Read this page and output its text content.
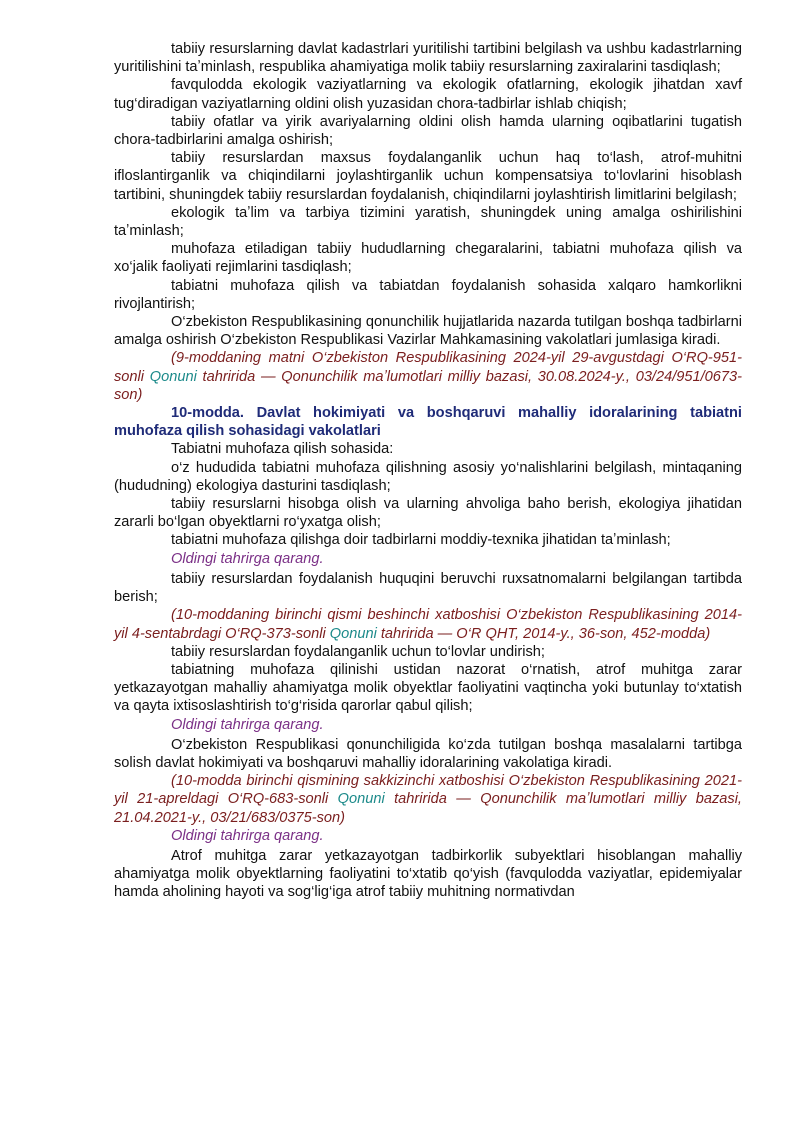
tabiiy resurslarning davlat kadastrlari yuritilishi tartibini belgilash va ushbu kadastrlarning yuritilishini taʼminlash, respublika ahamiyatiga molik tabiiy resurslarning zaxiralarini tasdiqlash;

favqulodda ekologik vaziyatlarning va ekologik ofatlarning, ekologik jihatdan xavf tug‘diradigan vaziyatlarning oldini olish yuzasidan chora-tadbirlar ishlab chiqish;

tabiiy ofatlar va yirik avariyalarning oldini olish hamda ularning oqibatlarini tugatish chora-tadbirlarini amalga oshirish;

tabiiy resurslardan maxsus foydalanganlik uchun haq to‘lash, atrof-muhitni ifloslantirganlik va chiqindilarni joylashtirganlik uchun kompensatsiya to‘lovlarini hisoblash tartibini, shuningdek tabiiy resurslardan foydalanish, chiqindilarni joylashtirish limitlarini belgilash;

ekologik taʼlim va tarbiya tizimini yaratish, shuningdek uning amalga oshirilishini taʼminlash;

muhofaza etiladigan tabiiy hududlarning chegaralarini, tabiatni muhofaza qilish va xo‘jalik faoliyati rejimlarini tasdiqlash;

tabiatni muhofaza qilish va tabiatdan foydalanish sohasida xalqaro hamkorlikni rivojlantirish;

O‘zbekiston Respublikasining qonunchilik hujjatlarida nazarda tutilgan boshqa tadbirlarni amalga oshirish O‘zbekiston Respublikasi Vazirlar Mahkamasining vakolatlari jumlasiga kiradi.

(9-moddaning matni O‘zbekiston Respublikasining 2024-yil 29-avgustdagi O‘RQ-951-sonli Qonuni tahririda — Qonunchilik maʼlumotlari milliy bazasi, 30.08.2024-y., 03/24/951/0673-son)

10-modda. Davlat hokimiyati va boshqaruvi mahalliy idoralarining tabiatni muhofaza qilish sohasidagi vakolatlari

Tabiatni muhofaza qilish sohasida:

o‘z hududida tabiatni muhofaza qilishning asosiy yo‘nalishlarini belgilash, mintaqaning (hududning) ekologiya dasturini tasdiqlash;

tabiiy resurslarni hisobga olish va ularning ahvoliga baho berish, ekologiya jihatidan zararli bo‘lgan obyektlarni ro‘yxatga olish;

tabiatni muhofaza qilishga doir tadbirlarni moddiy-texnika jihatidan taʼminlash;

Oldingi tahrirga qarang.

tabiiy resurslardan foydalanish huquqini beruvchi ruxsatnomalarni belgilangan tartibda berish;

(10-moddaning birinchi qismi beshinchi xatboshisi O‘zbekiston Respublikasining 2014-yil 4-sentabrdagi O‘RQ-373-sonli Qonuni tahririda — O‘R QHT, 2014-y., 36-son, 452-modda)

tabiiy resurslardan foydalanganlik uchun to‘lovlar undirish;

tabiatning muhofaza qilinishi ustidan nazorat o‘rnatish, atrof muhitga zarar yetkazayotgan mahalliy ahamiyatga molik obyektlar faoliyatini vaqtincha yoki butunlay to‘xtatish va qayta ixtisoslashtirish to‘g‘risida qarorlar qabul qilish;

Oldingi tahrirga qarang.

O‘zbekiston Respublikasi qonunchiligida ko‘zda tutilgan boshqa masalalarni tartibga solish davlat hokimiyati va boshqaruvi mahalliy idoralarining vakolatiga kiradi.

(10-modda birinchi qismining sakkizinchi xatboshisi O‘zbekiston Respublikasining 2021-yil 21-apreldagi O‘RQ-683-sonli Qonuni tahririda — Qonunchilik maʼlumotlari milliy bazasi, 21.04.2021-y., 03/21/683/0375-son)

Oldingi tahrirga qarang.

Atrof muhitga zarar yetkazayotgan tadbirkorlik subyektlari hisoblangan mahalliy ahamiyatga molik obyektlarning faoliyatini to‘xtatib qo‘yish (favqulodda vaziyatlar, epidemiyalar hamda aholining hayoti va sog‘lig‘iga atrof tabiiy muhitning normativdan
